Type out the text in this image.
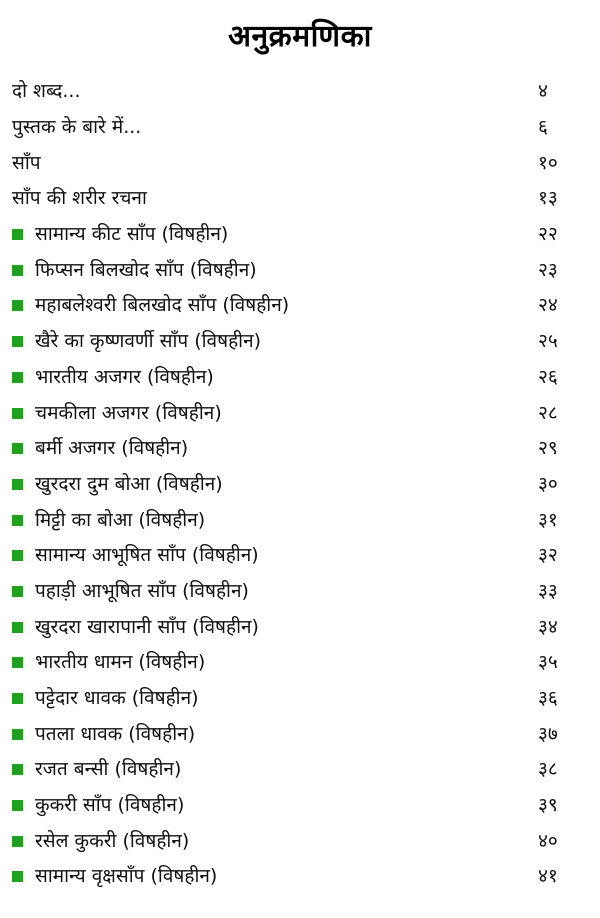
अनुक्रमणिका
दो शब्द...	४
पुस्तक के बारे में...	६
साँप	१०
साँप की शरीर रचना	१३
सामान्य कीट साँप (विषहीन)	२२
फिप्सन बिलखोद साँप (विषहीन)	२३
महाबलेश्वरी बिलखोद साँप (विषहीन)	२४
खैरे का कृष्णवर्णी साँप (विषहीन)	२५
भारतीय अजगर (विषहीन)	२६
चमकीला अजगर (विषहीन)	२८
बर्मी अजगर (विषहीन)	२९
खुरदरा दुम बोआ (विषहीन)	३०
मिट्टी का बोआ (विषहीन)	३१
सामान्य आभूषित साँप (विषहीन)	३२
पहाड़ी आभूषित साँप (विषहीन)	३३
खुरदरा खारापानी साँप (विषहीन)	३४
भारतीय धामन (विषहीन)	३५
पट्टेदार धावक (विषहीन)	३६
पतला धावक (विषहीन)	३७
रजत बन्सी (विषहीन)	३८
कुकरी साँप (विषहीन)	३९
रसेल कुकरी (विषहीन)	४०
सामान्य वृक्षसाँप (विषहीन)	४१
